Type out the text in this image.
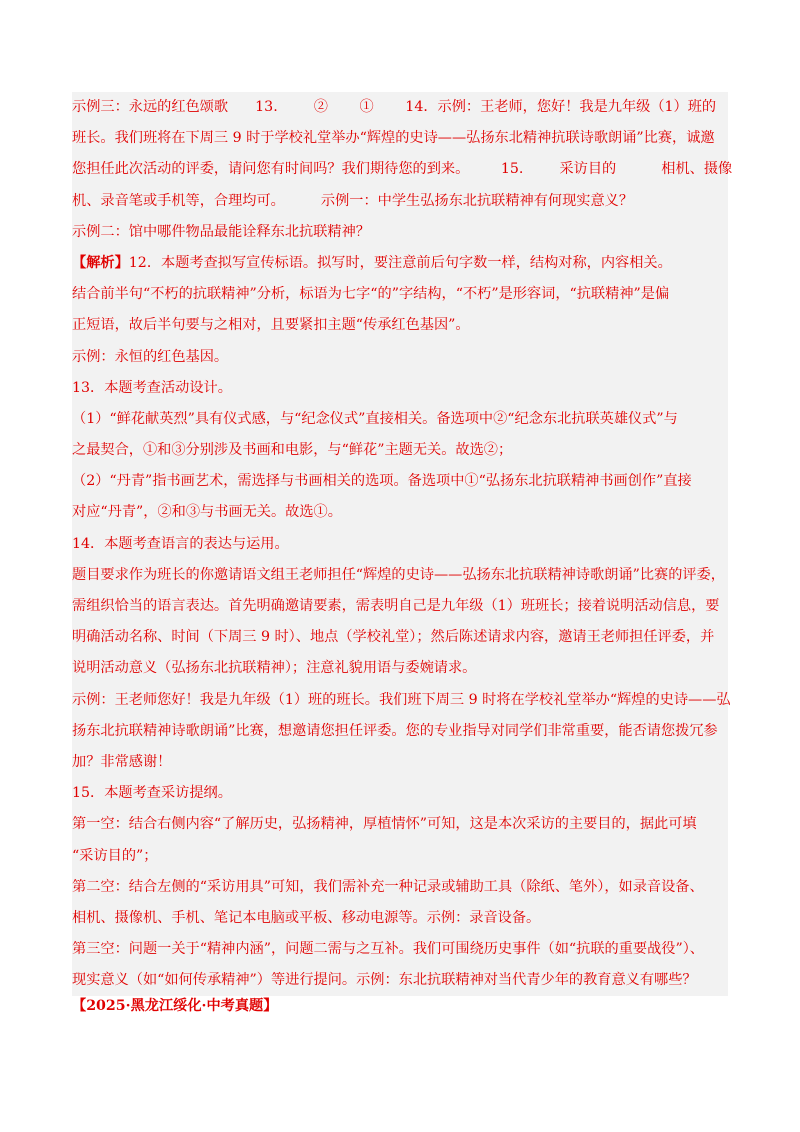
示例三：永远的红色颂歌      13.        ②       ①       14．示例：王老师，您好！我是九年级（1）班的
班长。我们班将在下周三 9 时于学校礼堂举办“辉煌的史诗——弘扬东北精神抗联诗歌朗诵”比赛，诚邀
您担任此次活动的评委，请问您有时间吗？我们期待您的到来。       15.        采访目的          相机、摄像
机、录音笔或手机等，合理均可。        示例一：中学生弘扬东北抗联精神有何现实意义？
示例二：馆中哪件物品最能诠释东北抗联精神？
【解析】12．本题考查拟写宣传标语。拟写时，要注意前后句字数一样，结构对称，内容相关。
结合前半句“不朽的抗联精神”分析，标语为七字“的”字结构，“不朽”是形容词，“抗联精神”是偏
正短语，故后半句要与之相对，且要紧扣主题“传承红色基因”。
示例：永恒的红色基因。
13．本题考查活动设计。
（1）“鲜花献英烈”具有仪式感，与“纪念仪式”直接相关。备选项中②“纪念东北抗联英雄仪式”与
之最契合，①和③分别涉及书画和电影，与“鲜花”主题无关。故选②；
（2）“丹青”指书画艺术，需选择与书画相关的选项。备选项中①“弘扬东北抗联精神书画创作”直接
对应“丹青”，②和③与书画无关。故选①。
14．本题考查语言的表达与运用。
题目要求作为班长的你邀请语文组王老师担任“辉煌的史诗——弘扬东北抗联精神诗歌朗诵”比赛的评委，
需组织恰当的语言表达。首先明确邀请要素，需表明自己是九年级（1）班班长；接着说明活动信息，要
明确活动名称、时间（下周三 9 时）、地点（学校礼堂）；然后陈述请求内容，邀请王老师担任评委，并
说明活动意义（弘扬东北抗联精神）；注意礼貌用语与委婉请求。
示例：王老师您好！我是九年级（1）班的班长。我们班下周三 9 时将在学校礼堂举办“辉煌的史诗——弘
扬东北抗联精神诗歌朗诵”比赛，想邀请您担任评委。您的专业指导对同学们非常重要，能否请您拨冗参
加？非常感谢！
15．本题考查采访提纲。
第一空：结合右侧内容“了解历史，弘扬精神，厚植情怀”可知，这是本次采访的主要目的，据此可填
“采访目的”；
第二空：结合左侧的“采访用具”可知，我们需补充一种记录或辅助工具（除纸、笔外），如录音设备、
相机、摄像机、手机、笔记本电脑或平板、移动电源等。示例：录音设备。
第三空：问题一关于“精神内涵”，问题二需与之互补。我们可围绕历史事件（如“抗联的重要战役”）、
现实意义（如“如何传承精神”）等进行提问。示例：东北抗联精神对当代青少年的教育意义有哪些？
【2025·黑龙江绥化·中考真题】
